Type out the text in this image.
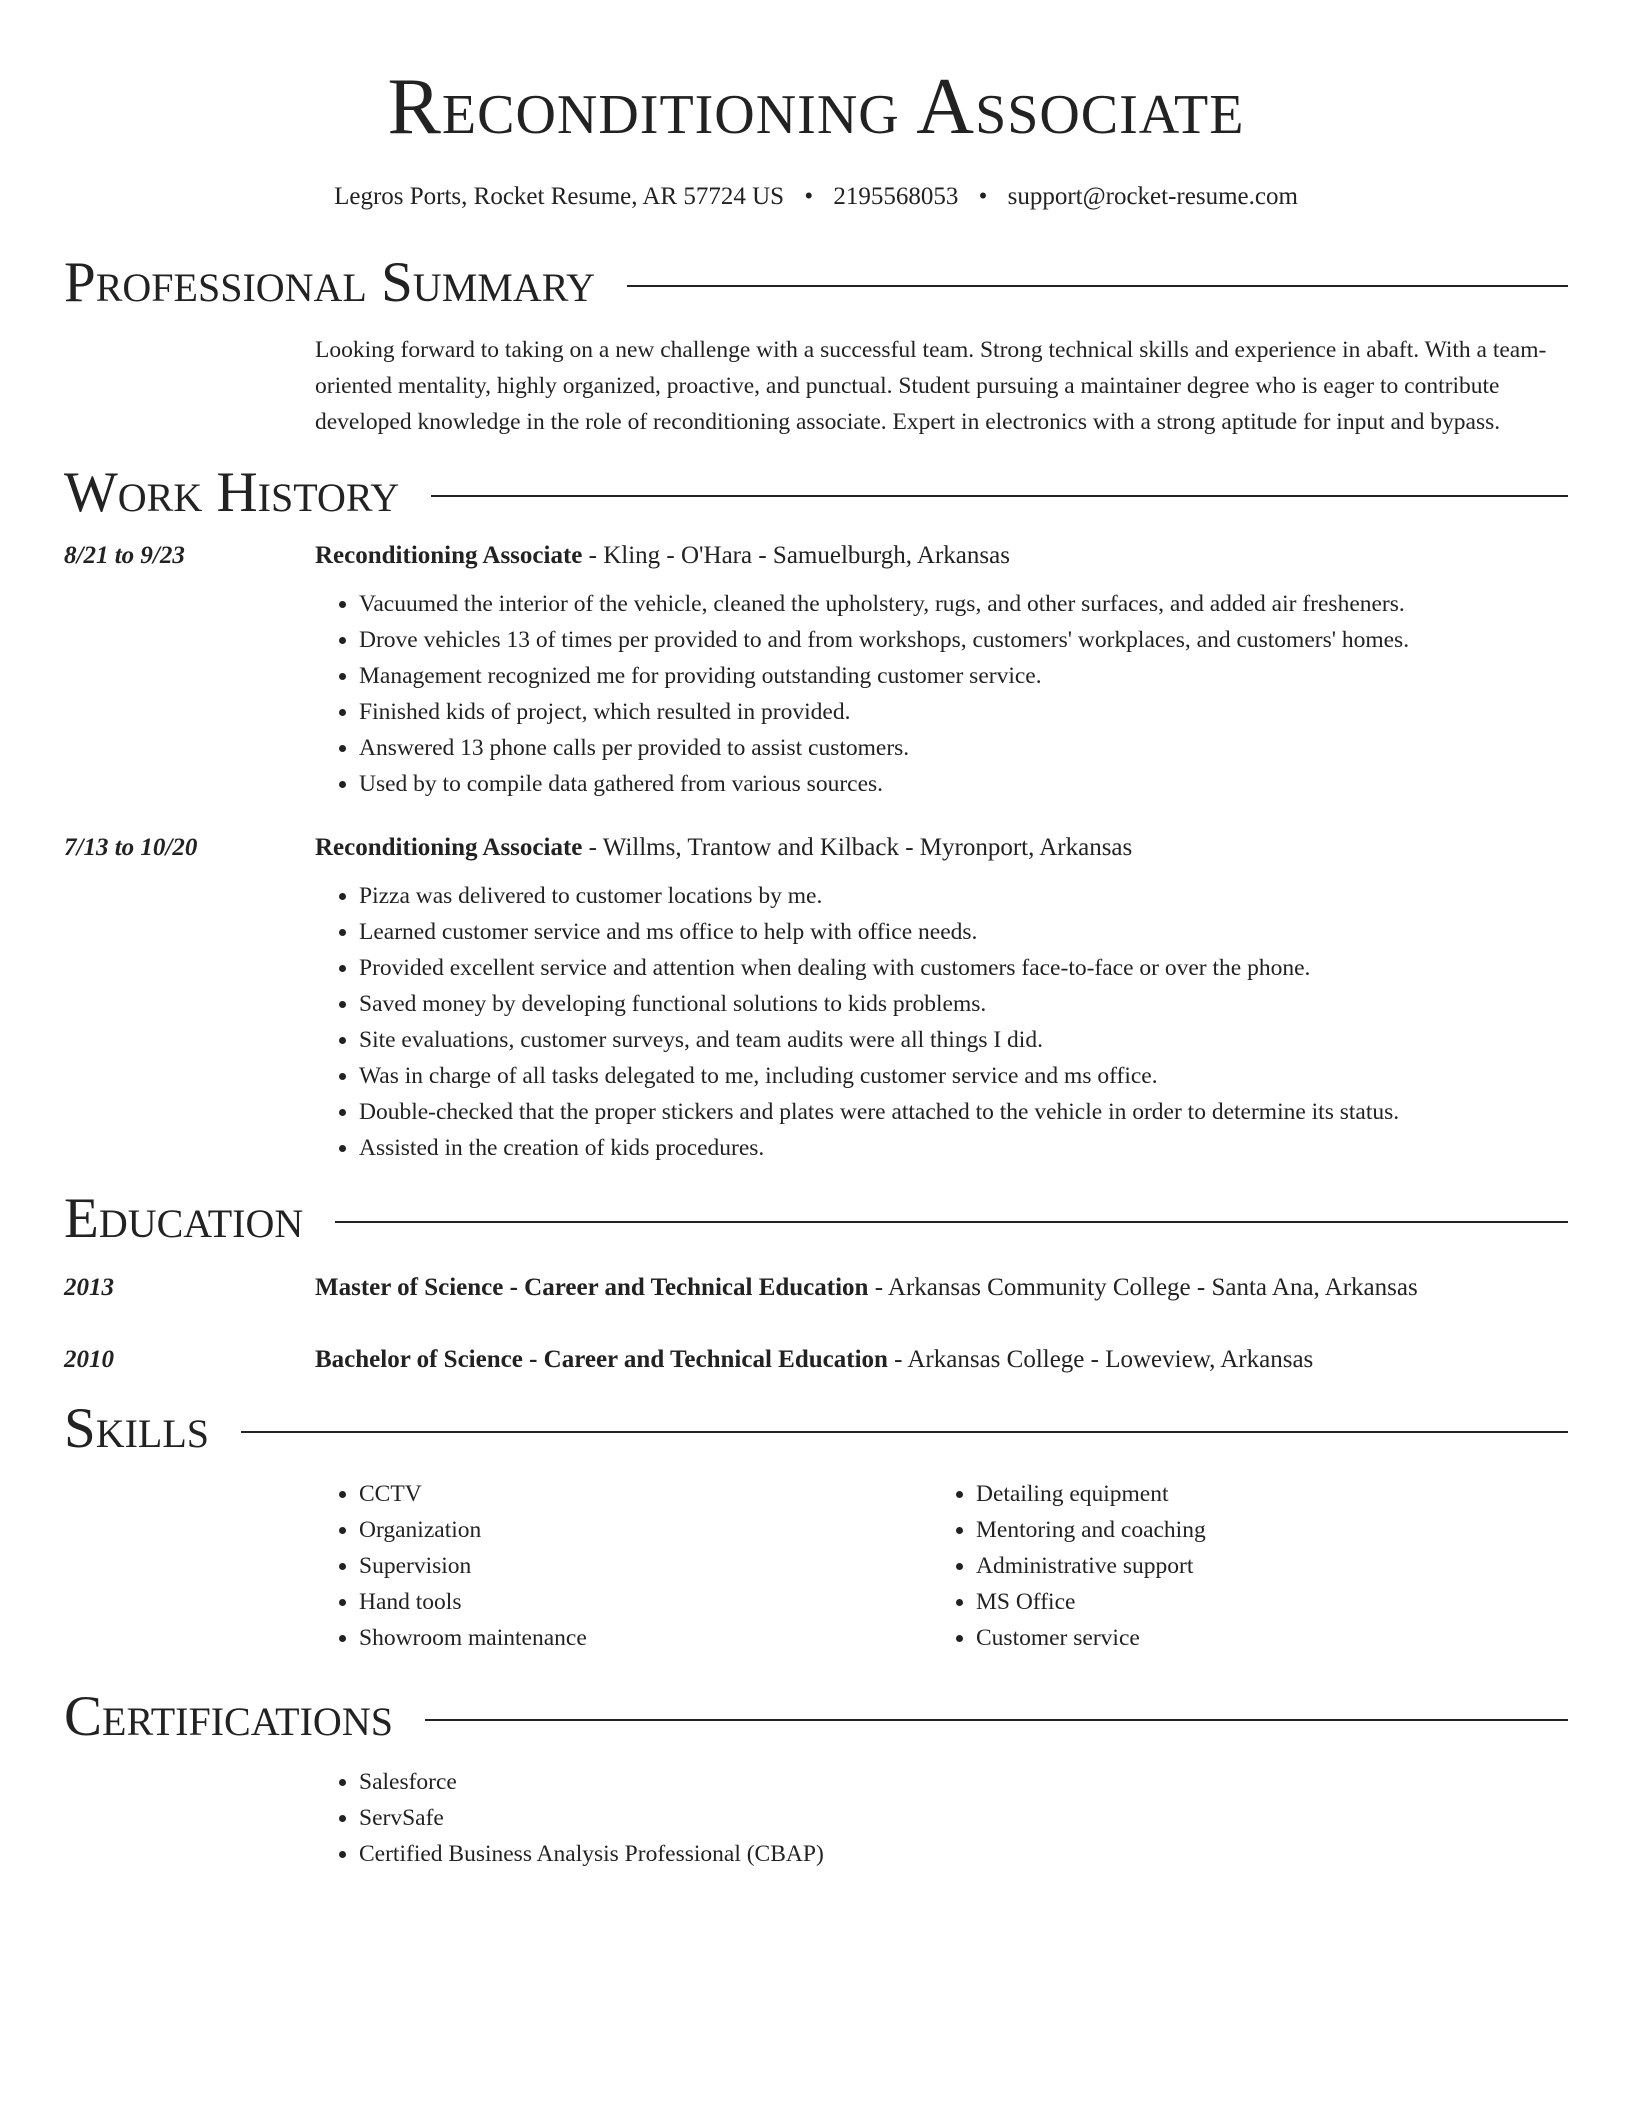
Reconditioning Associate
Legros Ports, Rocket Resume, AR 57724 US • 2195568053 • support@rocket-resume.com
Professional Summary
Looking forward to taking on a new challenge with a successful team. Strong technical skills and experience in abaft. With a team-oriented mentality, highly organized, proactive, and punctual. Student pursuing a maintainer degree who is eager to contribute developed knowledge in the role of reconditioning associate. Expert in electronics with a strong aptitude for input and bypass.
Work History
8/21 to 9/23	Reconditioning Associate - Kling - O'Hara - Samuelburgh, Arkansas
• Vacuumed the interior of the vehicle, cleaned the upholstery, rugs, and other surfaces, and added air fresheners.
• Drove vehicles 13 of times per provided to and from workshops, customers' workplaces, and customers' homes.
• Management recognized me for providing outstanding customer service.
• Finished kids of project, which resulted in provided.
• Answered 13 phone calls per provided to assist customers.
• Used by to compile data gathered from various sources.
7/13 to 10/20	Reconditioning Associate - Willms, Trantow and Kilback - Myronport, Arkansas
• Pizza was delivered to customer locations by me.
• Learned customer service and ms office to help with office needs.
• Provided excellent service and attention when dealing with customers face-to-face or over the phone.
• Saved money by developing functional solutions to kids problems.
• Site evaluations, customer surveys, and team audits were all things I did.
• Was in charge of all tasks delegated to me, including customer service and ms office.
• Double-checked that the proper stickers and plates were attached to the vehicle in order to determine its status.
• Assisted in the creation of kids procedures.
Education
2013	Master of Science - Career and Technical Education - Arkansas Community College - Santa Ana, Arkansas
2010	Bachelor of Science - Career and Technical Education - Arkansas College - Loweview, Arkansas
Skills
• CCTV
• Organization
• Supervision
• Hand tools
• Showroom maintenance
• Detailing equipment
• Mentoring and coaching
• Administrative support
• MS Office
• Customer service
Certifications
• Salesforce
• ServSafe
• Certified Business Analysis Professional (CBAP)
